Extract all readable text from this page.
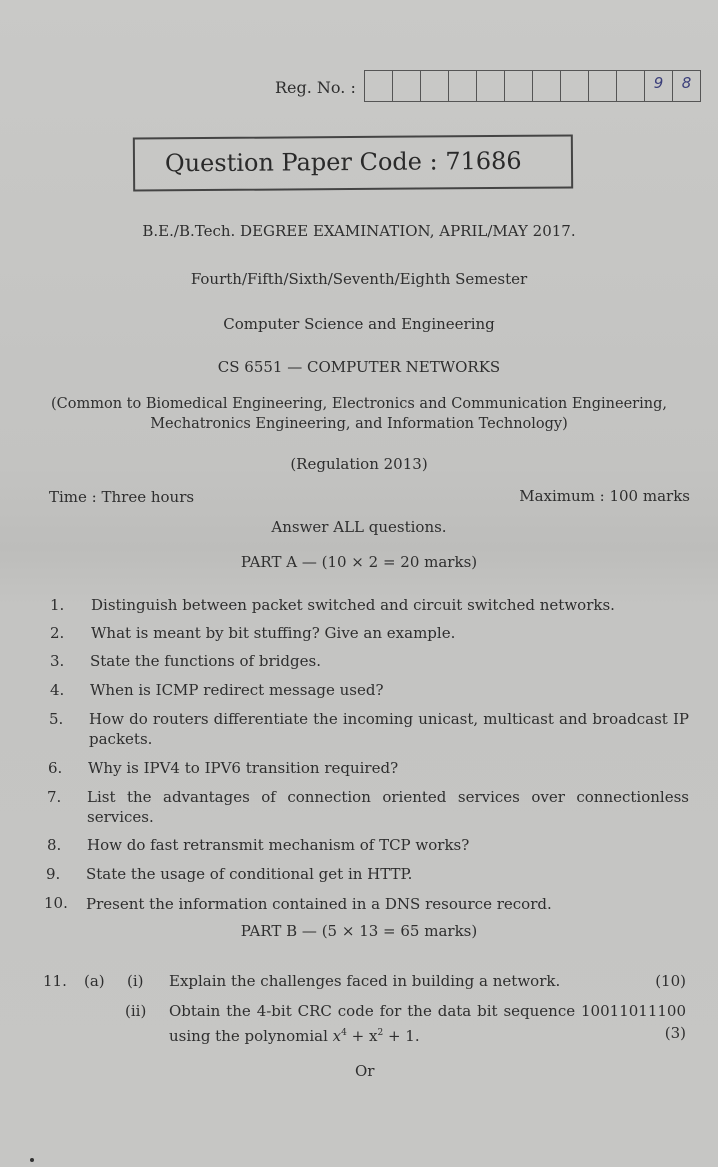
Reg. No. :	9	8
Question Paper Code : 71686
B.E./B.Tech. DEGREE EXAMINATION, APRIL/MAY 2017.
Fourth/Fifth/Sixth/Seventh/Eighth Semester
Computer Science and Engineering
CS 6551 — COMPUTER NETWORKS
(Common to Biomedical Engineering, Electronics and Communication Engineering,
Mechatronics Engineering, and Information Technology)
(Regulation 2013)
Time : Three hours	Maximum : 100 marks
Answer ALL questions.
PART A — (10 × 2 = 20 marks)
1. Distinguish between packet switched and circuit switched networks.
2. What is meant by bit stuffing? Give an example.
3. State the functions of bridges.
4. When is ICMP redirect message used?
5. How do routers differentiate the incoming unicast, multicast and broadcast IP
packets.
6. Why is IPV4 to IPV6 transition required?
7. List the advantages of connection oriented services over connectionless
services.
8. How do fast retransmit mechanism of TCP works?
9. State the usage of conditional get in HTTP.
10. Present the information contained in a DNS resource record.
PART B — (5 × 13 = 65 marks)
11. (a) (i) Explain the challenges faced in building a network.	(10)
(ii) Obtain the 4-bit CRC code for the data bit sequence 10011011100
using the polynomial $x^4 + x^2 + 1$.	(3)
Or
